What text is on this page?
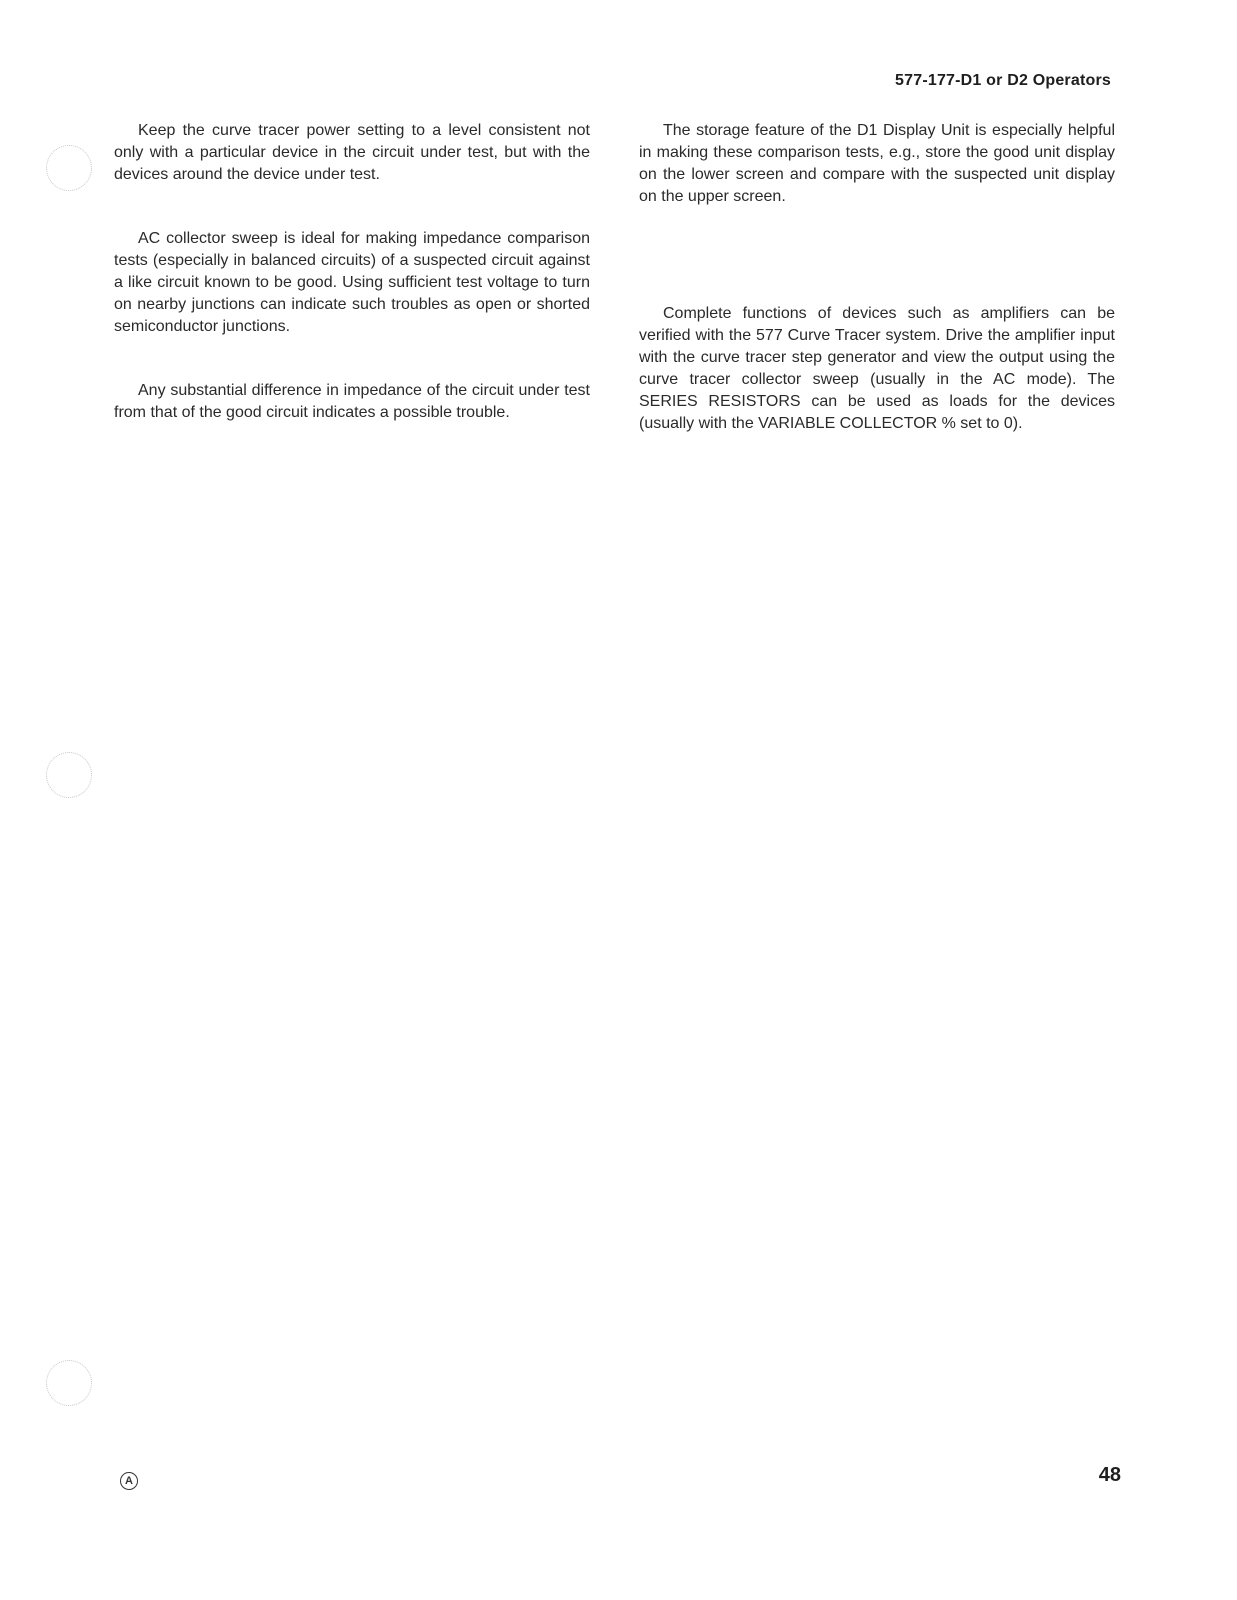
577-177-D1 or D2 Operators

Keep the curve tracer power setting to a level consistent not only with a particular device in the circuit under test, but with the devices around the device under test.

AC collector sweep is ideal for making impedance comparison tests (especially in balanced circuits) of a suspected circuit against a like circuit known to be good. Using sufficient test voltage to turn on nearby junctions can indicate such troubles as open or shorted semiconductor junctions.

Any substantial difference in impedance of the circuit under test from that of the good circuit indicates a possible trouble.

The storage feature of the D1 Display Unit is especially helpful in making these comparison tests, e.g., store the good unit display on the lower screen and compare with the suspected unit display on the upper screen.

Complete functions of devices such as amplifiers can be verified with the 577 Curve Tracer system. Drive the amplifier input with the curve tracer step generator and view the output using the curve tracer collector sweep (usually in the AC mode). The SERIES RESISTORS can be used as loads for the devices (usually with the VARIABLE COLLECTOR % set to 0).

A	48
